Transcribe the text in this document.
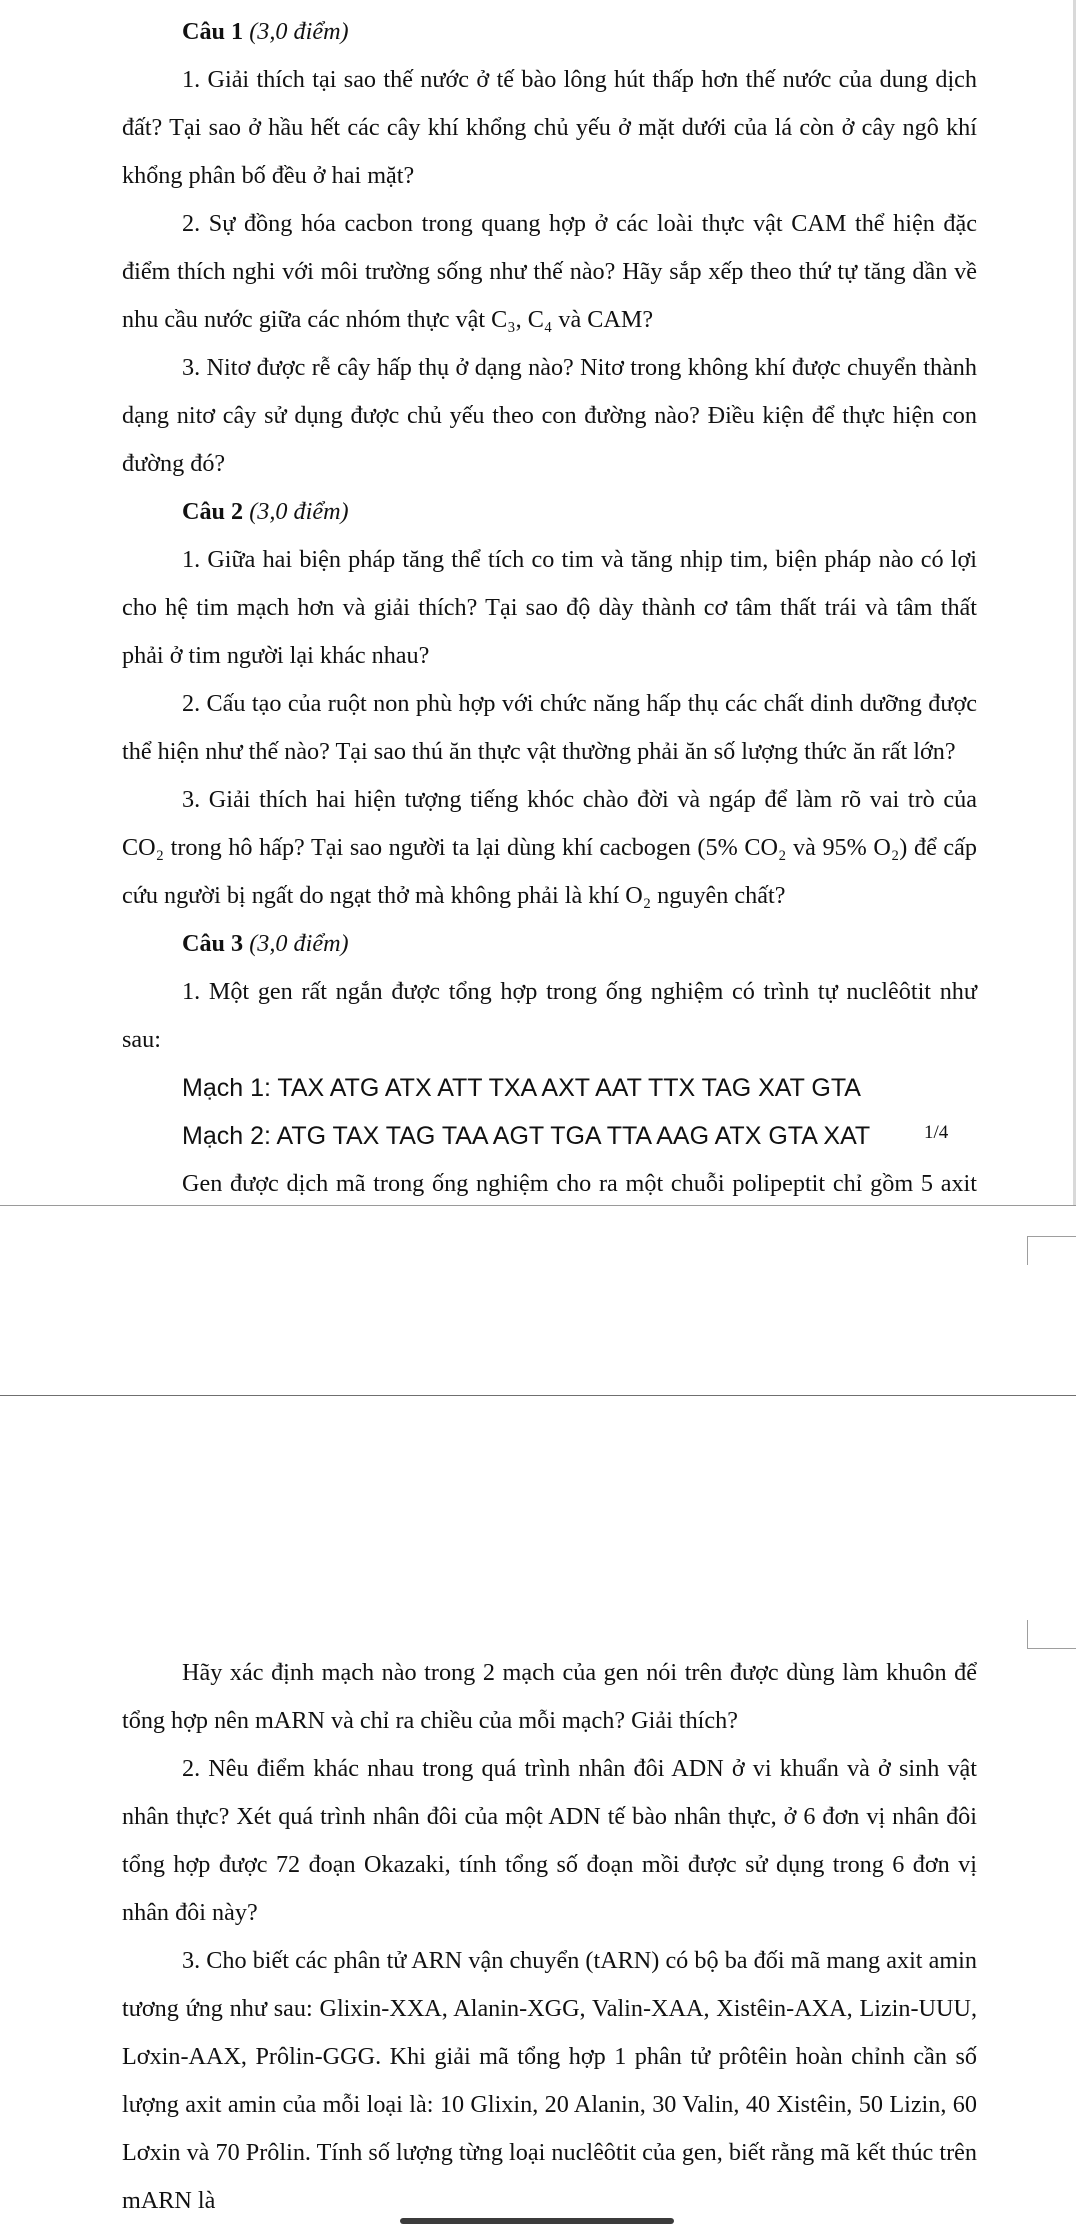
Câu 1 (3,0 điểm)

1. Giải thích tại sao thế nước ở tế bào lông hút thấp hơn thế nước của dung dịch đất? Tại sao ở hầu hết các cây khí khổng chủ yếu ở mặt dưới của lá còn ở cây ngô khí khổng phân bố đều ở hai mặt?

2. Sự đồng hóa cacbon trong quang hợp ở các loài thực vật CAM thể hiện đặc điểm thích nghi với môi trường sống như thế nào? Hãy sắp xếp theo thứ tự tăng dần về nhu cầu nước giữa các nhóm thực vật C₃, C₄ và CAM?

3. Nitơ được rễ cây hấp thụ ở dạng nào? Nitơ trong không khí được chuyển thành dạng nitơ cây sử dụng được chủ yếu theo con đường nào? Điều kiện để thực hiện con đường đó?

Câu 2 (3,0 điểm)

1. Giữa hai biện pháp tăng thể tích co tim và tăng nhịp tim, biện pháp nào có lợi cho hệ tim mạch hơn và giải thích? Tại sao độ dày thành cơ tâm thất trái và tâm thất phải ở tim người lại khác nhau?

2. Cấu tạo của ruột non phù hợp với chức năng hấp thụ các chất dinh dưỡng được thể hiện như thế nào? Tại sao thú ăn thực vật thường phải ăn số lượng thức ăn rất lớn?

3. Giải thích hai hiện tượng tiếng khóc chào đời và ngáp để làm rõ vai trò của CO₂ trong hô hấp? Tại sao người ta lại dùng khí cacbogen (5% CO₂ và 95% O₂) để cấp cứu người bị ngất do ngạt thở mà không phải là khí O₂ nguyên chất?

Câu 3 (3,0 điểm)

1. Một gen rất ngắn được tổng hợp trong ống nghiệm có trình tự nuclêôtit như sau:

Mạch 1: TAX ATG ATX ATT TXA AXT AAT TTX TAG XAT GTA
Mạch 2: ATG TAX TAG TAA AGT TGA TTA AAG ATX GTA XAT

Gen được dịch mã trong ống nghiệm cho ra một chuỗi polipeptit chỉ gồm 5 axit

1/4

Hãy xác định mạch nào trong 2 mạch của gen nói trên được dùng làm khuôn để tổng hợp nên mARN và chỉ ra chiều của mỗi mạch? Giải thích?

2. Nêu điểm khác nhau trong quá trình nhân đôi ADN ở vi khuẩn và ở sinh vật nhân thực? Xét quá trình nhân đôi của một ADN tế bào nhân thực, ở 6 đơn vị nhân đôi tổng hợp được 72 đoạn Okazaki, tính tổng số đoạn mồi được sử dụng trong 6 đơn vị nhân đôi này?

3. Cho biết các phân tử ARN vận chuyển (tARN) có bộ ba đối mã mang axit amin tương ứng như sau: Glixin-XXA, Alanin-XGG, Valin-XAA, Xistêin-AXA, Lizin-UUU, Lơxin-AAX, Prôlin-GGG. Khi giải mã tổng hợp 1 phân tử prôtêin hoàn chỉnh cần số lượng axit amin của mỗi loại là: 10 Glixin, 20 Alanin, 30 Valin, 40 Xistêin, 50 Lizin, 60 Lơxin và 70 Prôlin. Tính số lượng từng loại nuclêôtit của gen, biết rằng mã kết thúc trên mARN là
